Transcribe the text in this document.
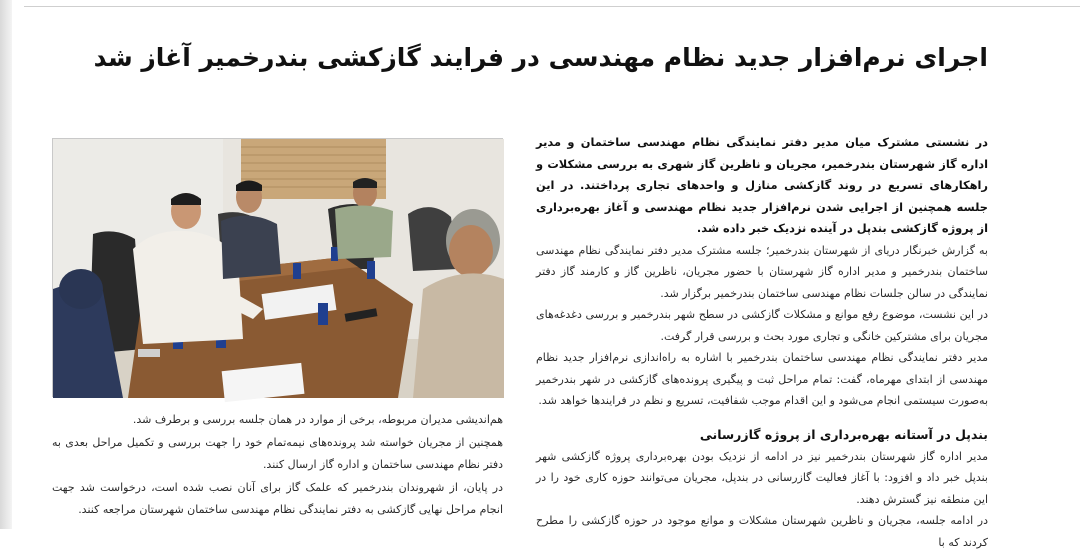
اجرای نرم‌افزار جدید نظام مهندسی در فرایند گازکشی بندرخمیر آغاز شد

در نشستی مشترک میان مدیر دفتر نمایندگی نظام مهندسی ساختمان و مدیر اداره گاز شهرستان بندرخمیر، مجریان و ناظرین گاز شهری به بررسی مشکلات و راهکارهای تسریع در روند گازکشی منازل و واحدهای تجاری پرداختند. در این جلسه همچنین از اجرایی شدن نرم‌افزار جدید نظام مهندسی و آغاز بهره‌برداری از پروژه گازکشی بندپل در آینده نزدیک خبر داده شد.

به گزارش خبرنگار دریای از شهرستان بندرخمیر؛ جلسه مشترک مدیر دفتر نمایندگی نظام مهندسی ساختمان بندرخمیر و مدیر اداره گاز شهرستان با حضور مجریان، ناظرین گاز و کارمند گاز دفتر نمایندگی در سالن جلسات نظام مهندسی ساختمان بندرخمیر برگزار شد.

در این نشست، موضوع رفع موانع و مشکلات گازکشی در سطح شهر بندرخمیر و بررسی دغدغه‌های مجریان برای مشترکین خانگی و تجاری مورد بحث و بررسی قرار گرفت.

مدیر دفتر نمایندگی نظام مهندسی ساختمان بندرخمیر با اشاره به راه‌اندازی نرم‌افزار جدید نظام مهندسی از ابتدای مهرماه، گفت: تمام مراحل ثبت و پیگیری پرونده‌های گازکشی در شهر بندرخمیر به‌صورت سیستمی انجام می‌شود و این اقدام موجب شفافیت، تسریع و نظم در فرایندها خواهد شد.

بندپل در آستانه بهره‌برداری از پروژه گازرسانی

مدیر اداره گاز شهرستان بندرخمیر نیز در ادامه از نزدیک بودن بهره‌برداری پروژه گازکشی شهر بندپل خبر داد و افزود: با آغاز فعالیت گازرسانی در بندپل، مجریان می‌توانند حوزه کاری خود را در این منطقه نیز گسترش دهند.

در ادامه جلسه، مجریان و ناظرین شهرستان مشکلات و موانع موجود در حوزه گازکشی را مطرح کردند که با

هم‌اندیشی مدیران مربوطه، برخی از موارد در همان جلسه بررسی و برطرف شد.

همچنین از مجریان خواسته شد پرونده‌های نیمه‌تمام خود را جهت بررسی و تکمیل مراحل بعدی به دفتر نظام مهندسی ساختمان و اداره گاز ارسال کنند.

در پایان، از شهروندان بندرخمیر که علمک گاز برای آنان نصب شده است، درخواست شد جهت انجام مراحل نهایی گازکشی به دفتر نمایندگی نظام مهندسی ساختمان شهرستان مراجعه کنند.
